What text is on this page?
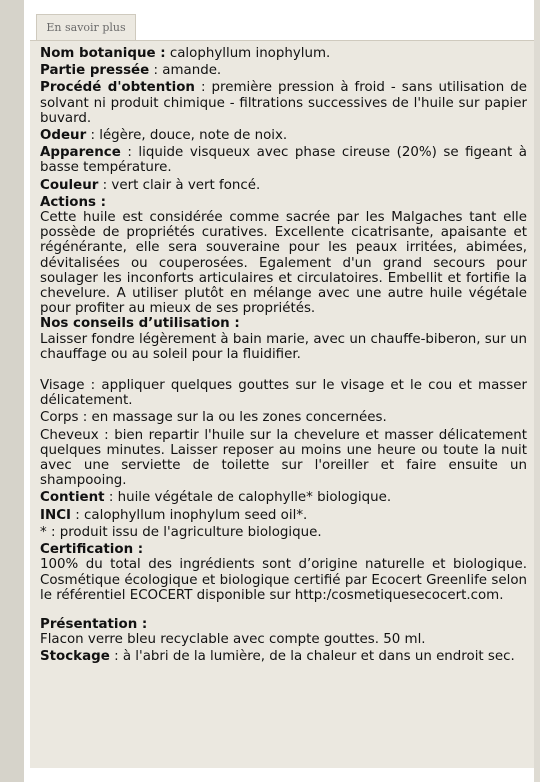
En savoir plus

Nom botanique : calophyllum inophylum.

Partie pressée : amande.

Procédé d'obtention : première pression à froid - sans utilisation de solvant ni produit chimique - filtrations successives de l'huile sur papier buvard.

Odeur : légère, douce, note de noix.

Apparence : liquide visqueux avec phase cireuse (20%) se figeant à basse température.

Couleur : vert clair à vert foncé.

Actions :

Cette huile est considérée comme sacrée par les Malgaches tant elle possède de propriétés curatives. Excellente cicatrisante, apaisante et régénérante, elle sera souveraine pour les peaux irritées, abimées, dévitalisées ou couperosées. Egalement d'un grand secours pour soulager les inconforts articulaires et circulatoires. Embellit et fortifie la chevelure. A utiliser plutôt en mélange avec une autre huile végétale pour profiter au mieux de ses propriétés.

Nos conseils d’utilisation :

Laisser fondre légèrement à bain marie, avec un chauffe-biberon, sur un chauffage ou au soleil pour la fluidifier.

Visage : appliquer quelques gouttes sur le visage et le cou et masser délicatement.

Corps : en massage sur la ou les zones concernées.

Cheveux : bien repartir l'huile sur la chevelure et masser délicatement quelques minutes. Laisser reposer au moins une heure ou toute la nuit avec une serviette de toilette sur l'oreiller et faire ensuite un shampooing.

Contient : huile végétale de calophylle* biologique.

INCI : calophyllum inophylum seed oil*.

* : produit issu de l'agriculture biologique.

Certification :

100% du total des ingrédients sont d’origine naturelle et biologique. Cosmétique écologique et biologique certifié par Ecocert Greenlife selon le référentiel ECOCERT disponible sur http:/cosmetiquesecocert.com.

Présentation :

Flacon verre bleu recyclable avec compte gouttes. 50 ml.

Stockage : à l'abri de la lumière, de la chaleur et dans un endroit sec.
